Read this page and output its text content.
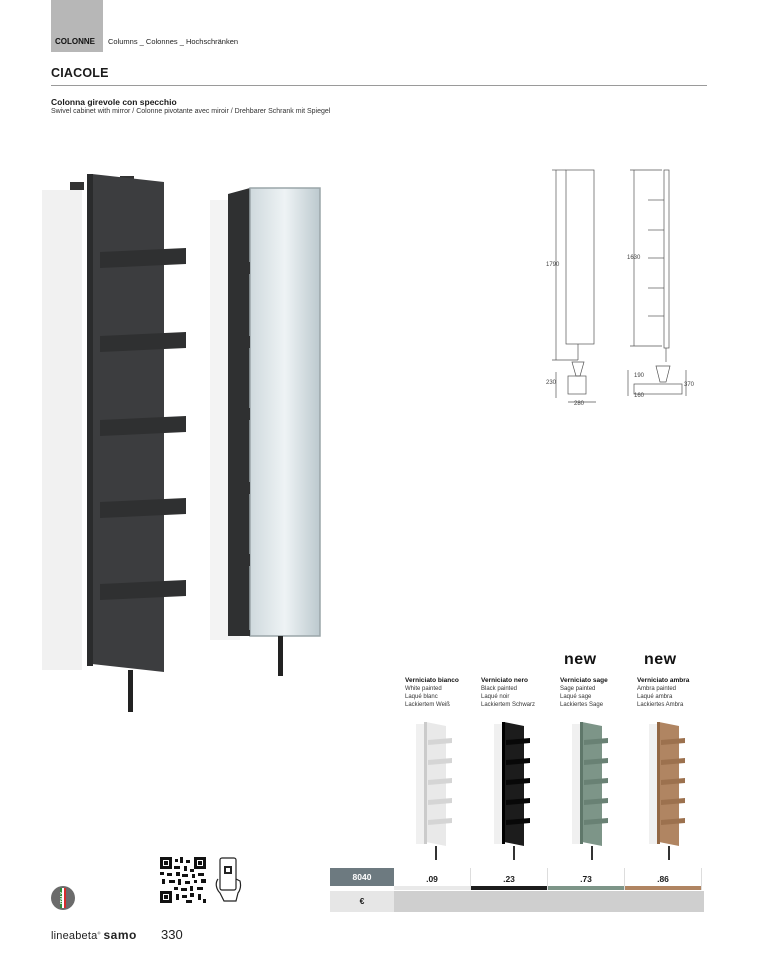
COLONNE Columns _ Colonnes _ Hochschränken
CIACOLE
Colonna girevole con specchio
Swivel cabinet with mirror / Colonne pivotante avec miroir / Drehbarer Schrank mit Spiegel
1790
1630
230
280
190
160
370
new	new
Verniciato bianco
White painted
Laqué blanc
Lackiertem Weiß
Verniciato nero
Black painted
Laqué noir
Lackiertem Schwarz
Verniciato sage
Sage painted
Laqué sage
Lackiertes Sage
Verniciato ambra
Ambra painted
Laqué ambra
Lackiertes Ambra
8040	.09	.23	.73	.86
€
ITALY
lineabeta® samo 330
